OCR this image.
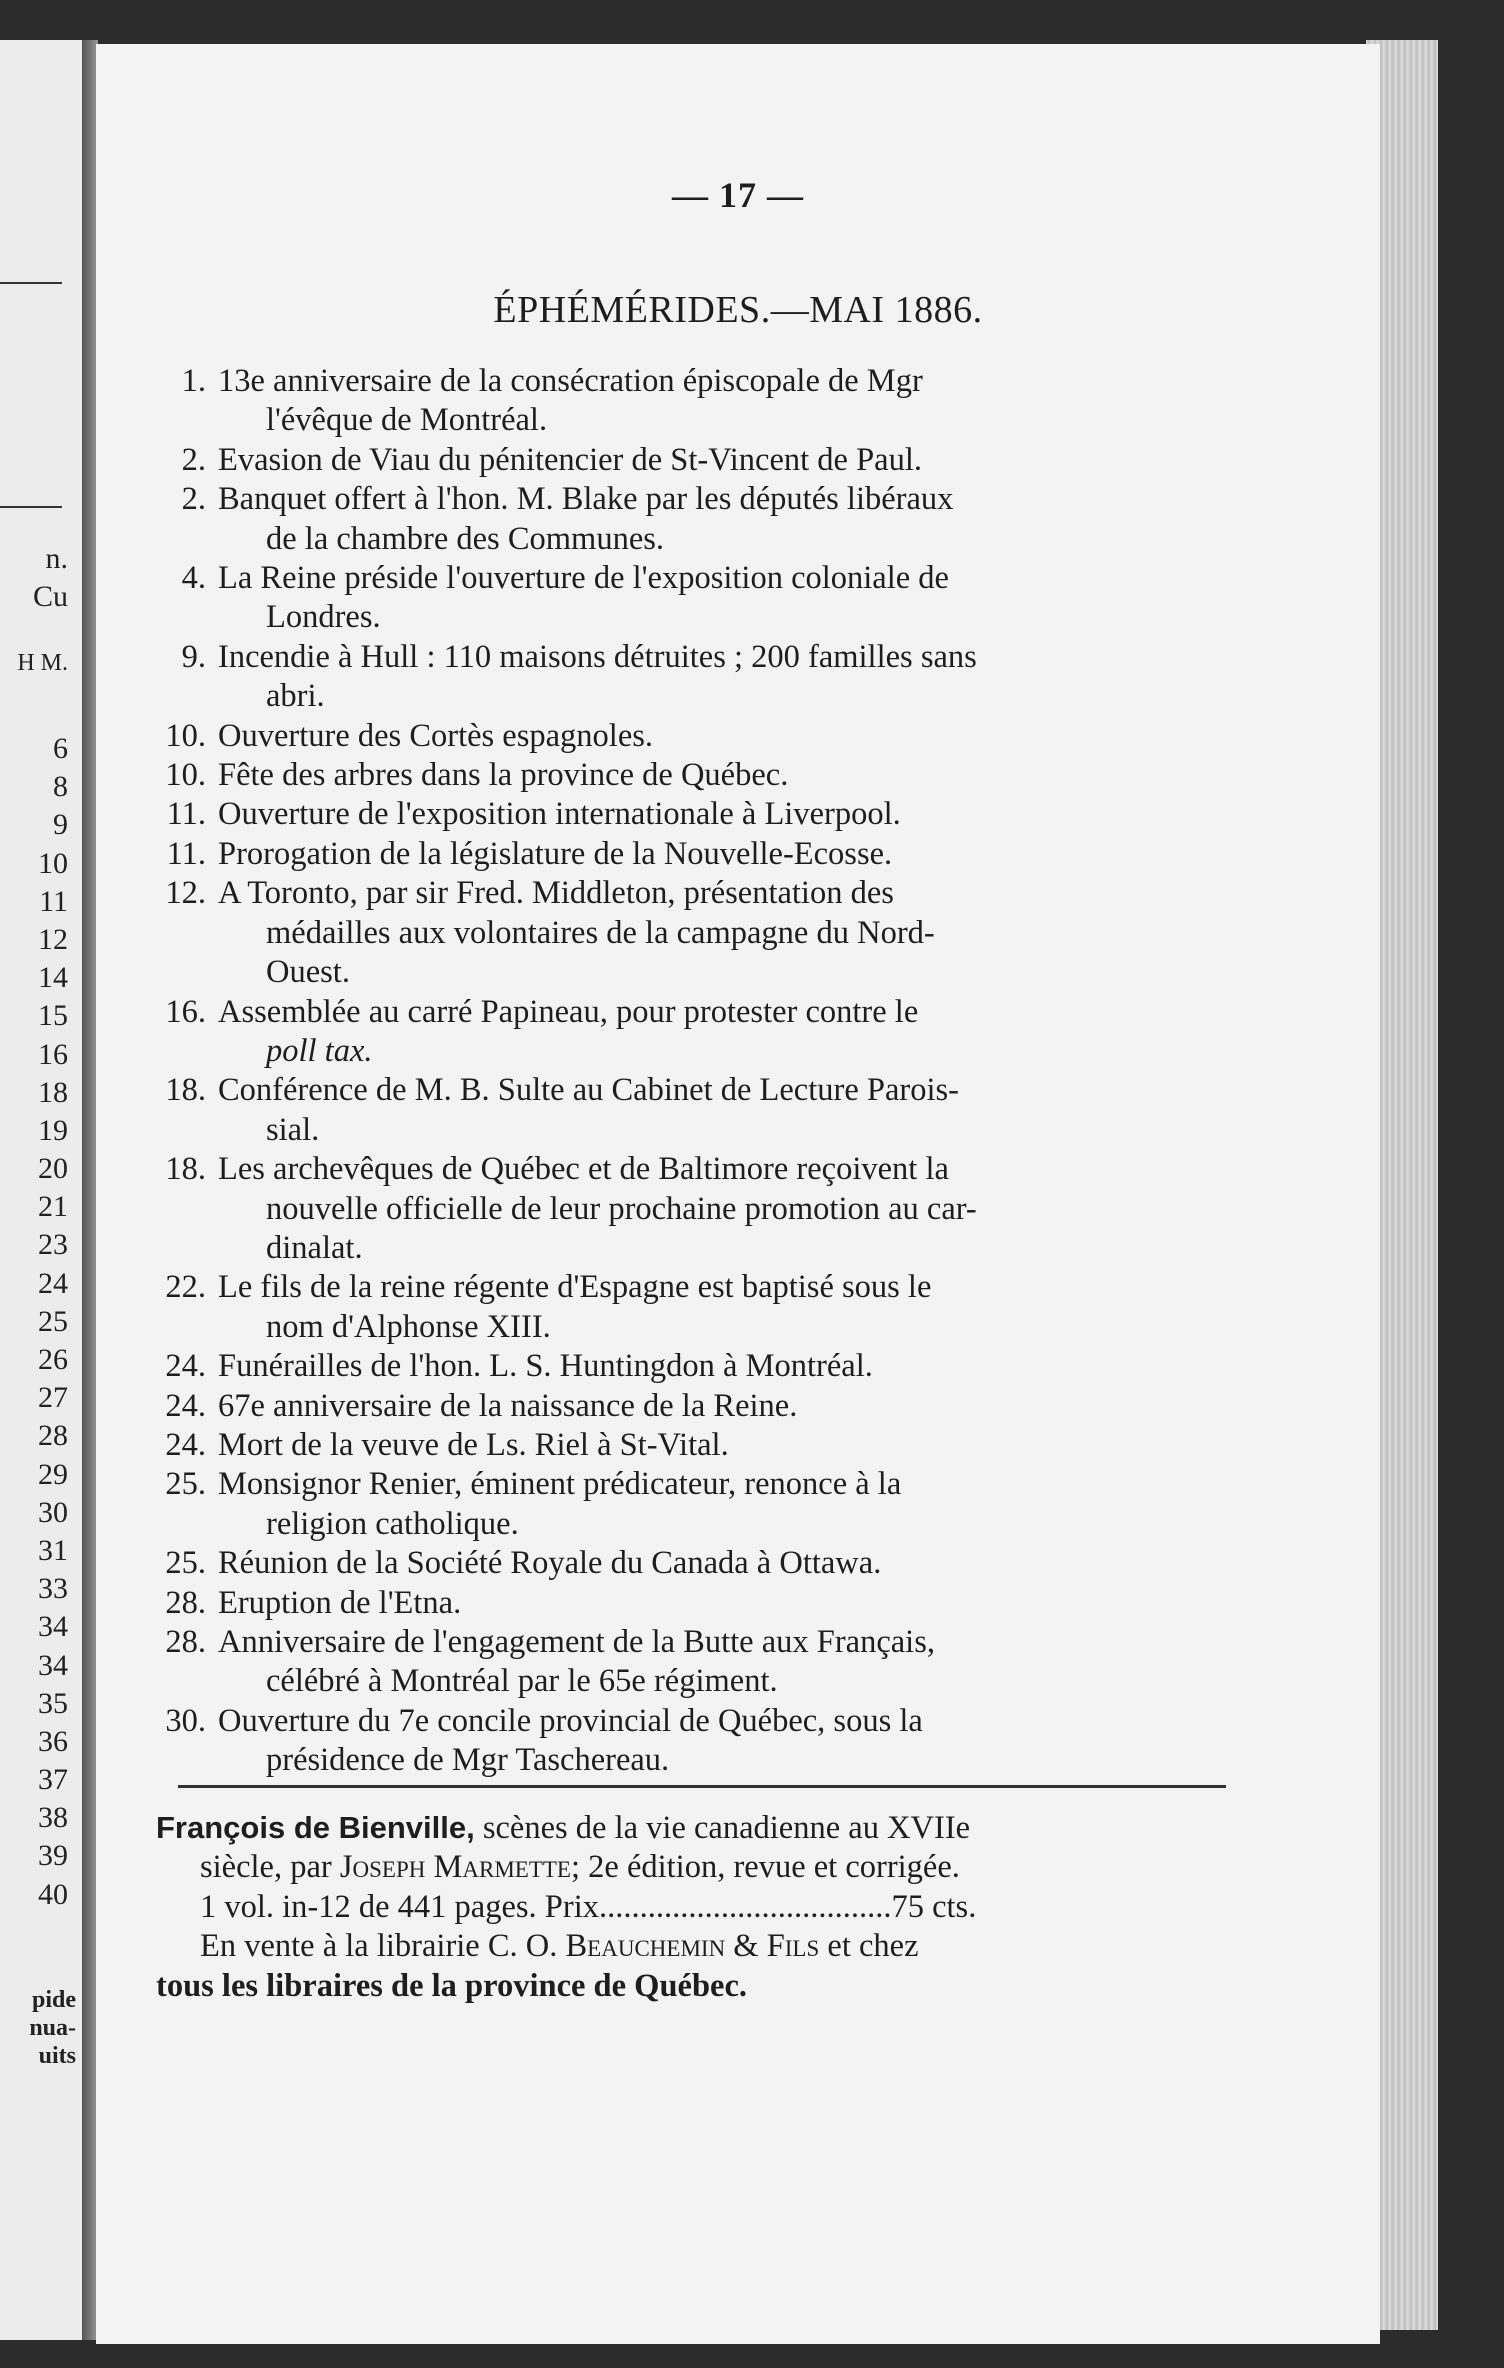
n.
Cu
H M.
6
8
9
10
11
12
14
15
16
18
19
20
21
23
24
25
26
27
28
29
30
31
33
34
34
35
36
37
38
39
40
pide
nua-
uits
— 17 —
ÉPHÉMÉRIDES.—MAI 1886.
1. 13e anniversaire de la consécration épiscopale de Mgr
l'évêque de Montréal.
2. Evasion de Viau du pénitencier de St-Vincent de Paul.
2. Banquet offert à l'hon. M. Blake par les députés libéraux
de la chambre des Communes.
4. La Reine préside l'ouverture de l'exposition coloniale de
Londres.
9. Incendie à Hull : 110 maisons détruites ; 200 familles sans
abri.
10. Ouverture des Cortès espagnoles.
10. Fête des arbres dans la province de Québec.
11. Ouverture de l'exposition internationale à Liverpool.
11. Prorogation de la législature de la Nouvelle-Ecosse.
12. A Toronto, par sir Fred. Middleton, présentation des
médailles aux volontaires de la campagne du Nord-
Ouest.
16. Assemblée au carré Papineau, pour protester contre le
poll tax.
18. Conférence de M. B. Sulte au Cabinet de Lecture Parois-
sial.
18. Les archevêques de Québec et de Baltimore reçoivent la
nouvelle officielle de leur prochaine promotion au car-
dinalat.
22. Le fils de la reine régente d'Espagne est baptisé sous le
nom d'Alphonse XIII.
24. Funérailles de l'hon. L. S. Huntingdon à Montréal.
24. 67e anniversaire de la naissance de la Reine.
24. Mort de la veuve de Ls. Riel à St-Vital.
25. Monsignor Renier, éminent prédicateur, renonce à la
religion catholique.
25. Réunion de la Société Royale du Canada à Ottawa.
28. Eruption de l'Etna.
28. Anniversaire de l'engagement de la Butte aux Français,
célébré à Montréal par le 65e régiment.
30. Ouverture du 7e concile provincial de Québec, sous la
présidence de Mgr Taschereau.
François de Bienville, scènes de la vie canadienne au XVIIe
siècle, par Joseph Marmette; 2e édition, revue et corrigée.
1 vol. in-12 de 441 pages. Prix....................................75 cts.
En vente à la librairie C. O. Beauchemin & Fils et chez
tous les libraires de la province de Québec.
